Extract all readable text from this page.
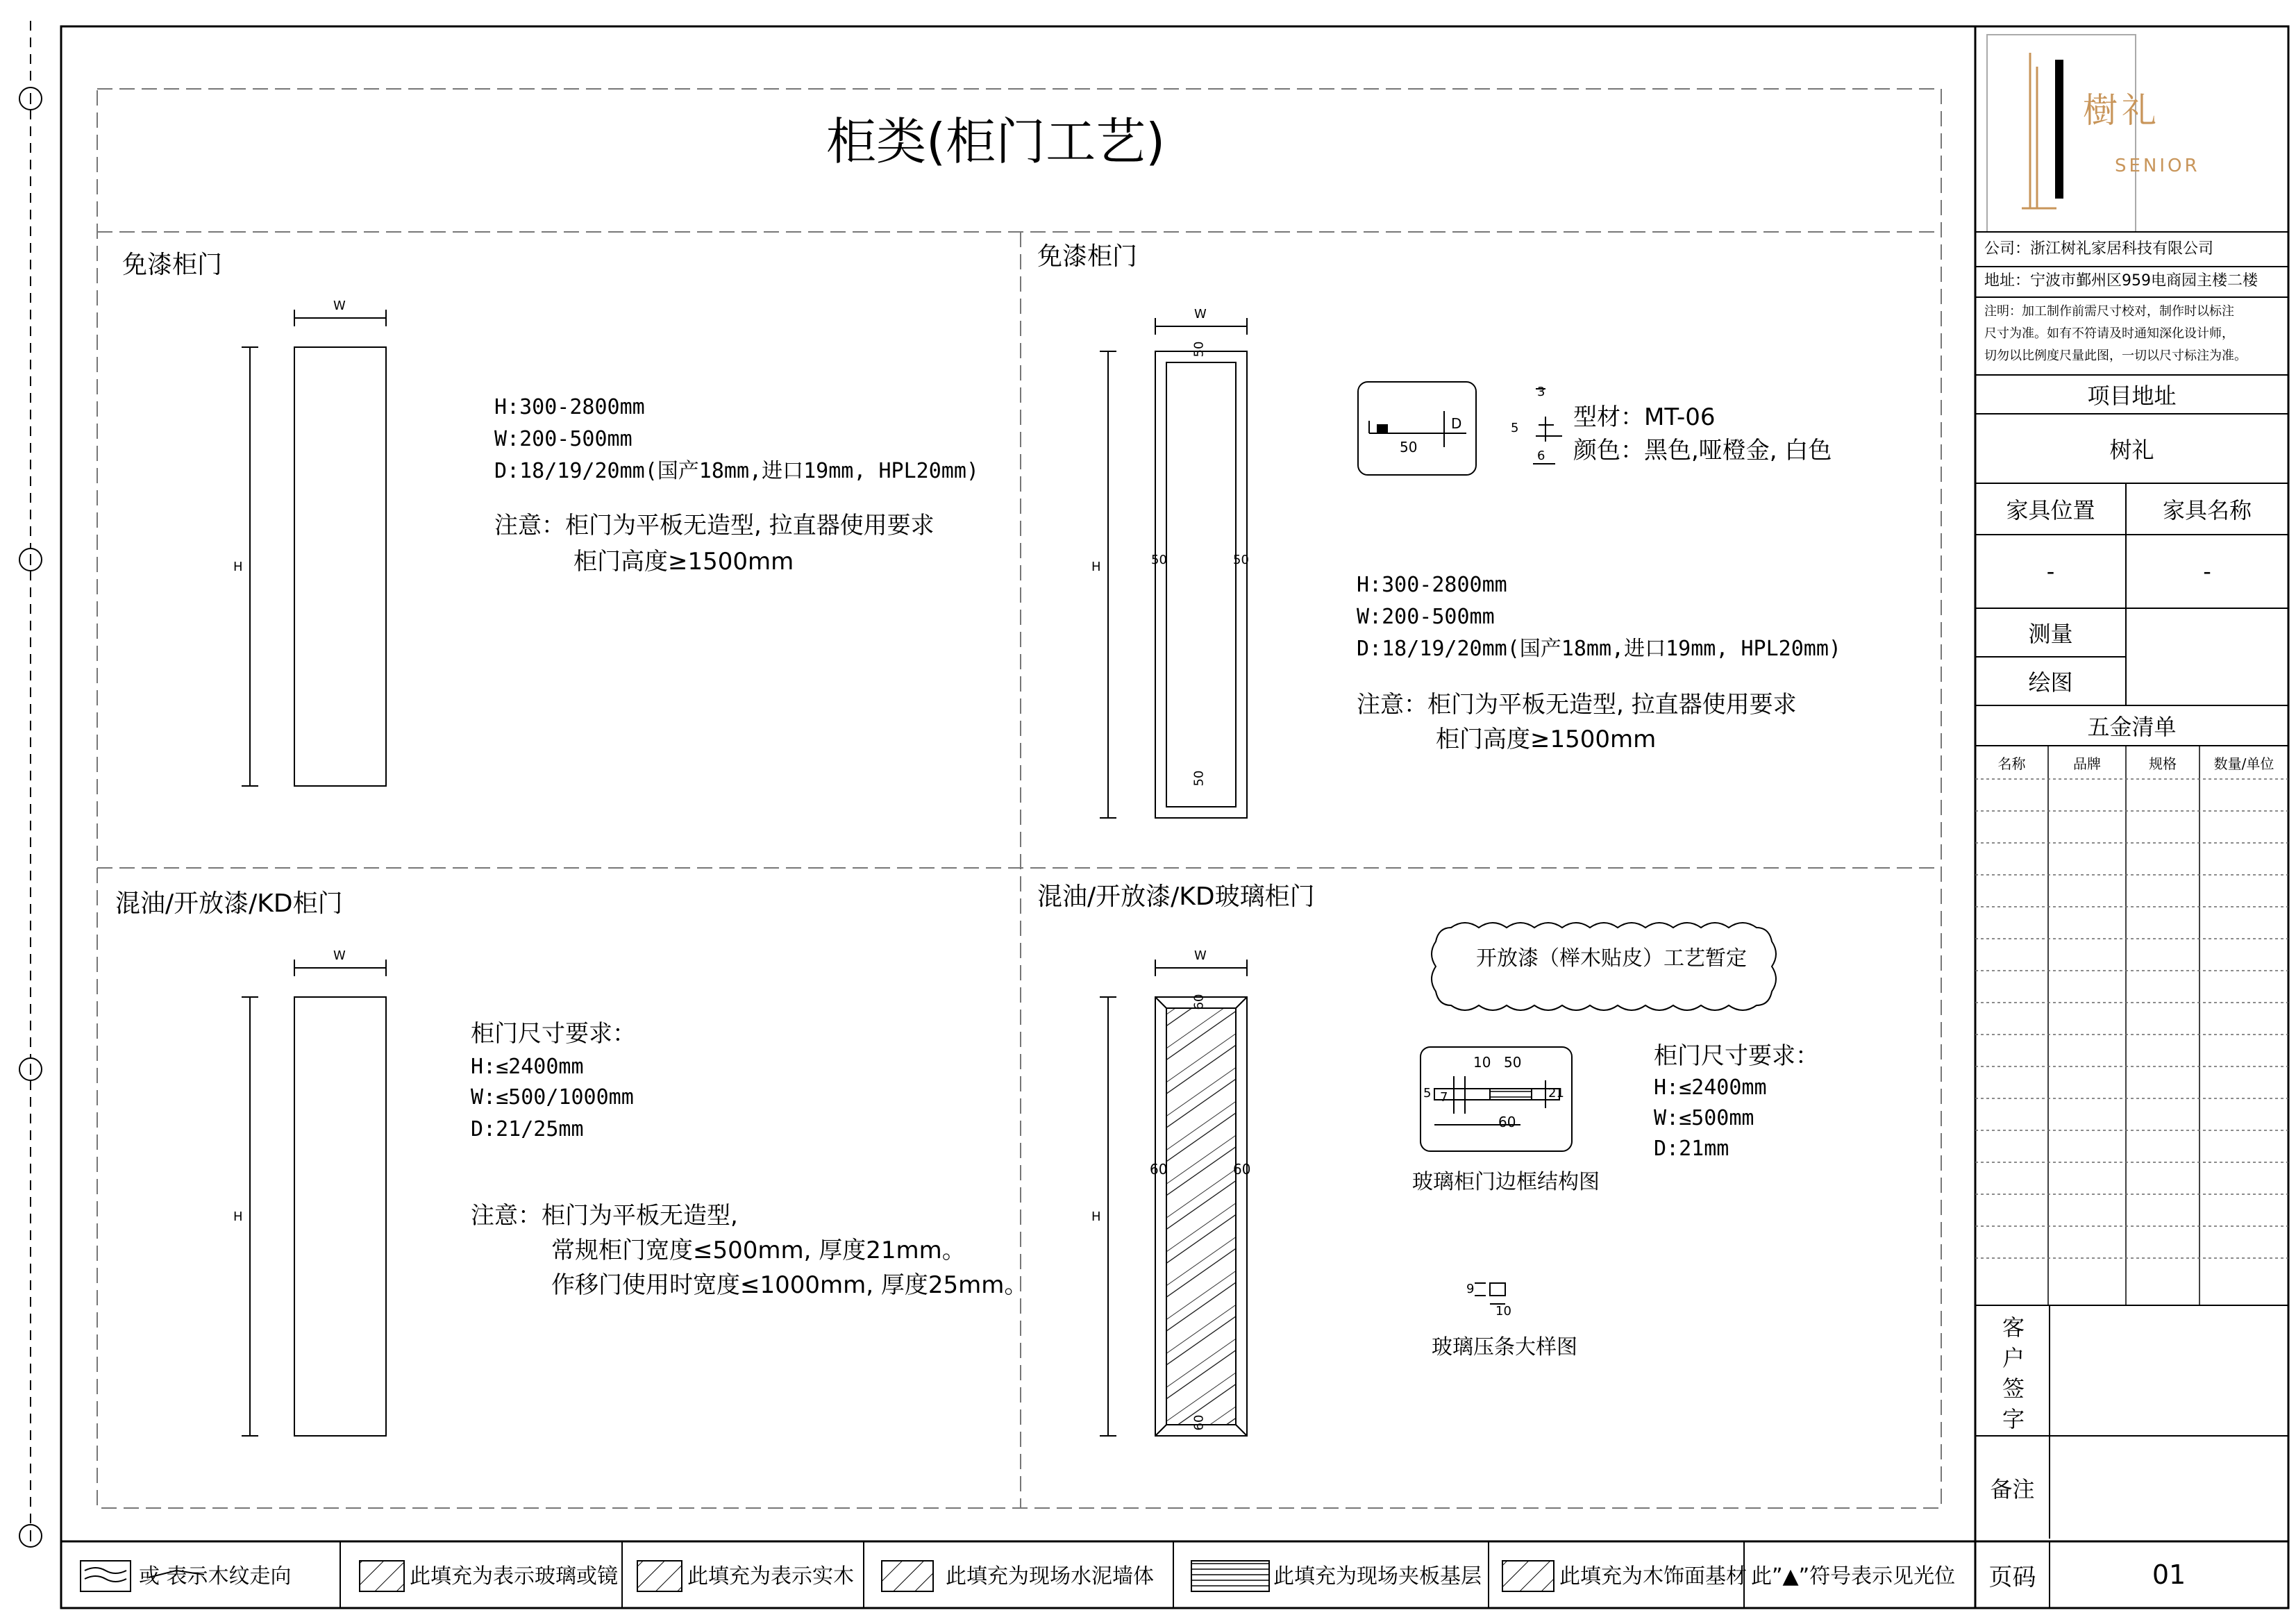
柜类(柜门工艺)
免漆柜门
W
H
H:300-2800mm
W:200-500mm
D:18/19/20mm(国产18mm,进口19mm, HPL20mm)
注意：柜门为平板无造型, 拉直器使用要求
柜门高度≥1500mm
免漆柜门
W
H
50
50	50
50
50
D
3
5
6
型材：MT-06
颜色：黑色,哑橙金, 白色
H:300-2800mm
W:200-500mm
D:18/19/20mm(国产18mm,进口19mm, HPL20mm)
注意：柜门为平板无造型, 拉直器使用要求
柜门高度≥1500mm
混油/开放漆/KD柜门
W
H
柜门尺寸要求：
H:≤2400mm
W:≤500/1000mm
D:21/25mm
注意：柜门为平板无造型,
常规柜门宽度≤500mm, 厚度21mm。
作移门使用时宽度≤1000mm, 厚度25mm。
混油/开放漆/KD玻璃柜门
W
H
60
60	60
60
开放漆（榉木贴皮）工艺暂定
10 50
5 7	21
60
玻璃柜门边框结构图
9
10
玻璃压条大样图
柜门尺寸要求：
H:≤2400mm
W:≤500mm
D:21mm
樹礼
SENIOR
公司：浙江树礼家居科技有限公司
地址：宁波市鄞州区959电商园主楼二楼
注明：加工制作前需尺寸校对，制作时以标注
尺寸为准。如有不符请及时通知深化设计师，
切勿以比例度尺量此图，一切以尺寸标注为准。
项目地址
树礼
家具位置	家具名称
-	-
测量
绘图
五金清单
名称	品牌	规格	数量/单位
客户签字
备注
页码	01
或 表示木纹走向	此填充为表示玻璃或镜	此填充为表示实木	此填充为现场水泥墙体	此填充为现场夹板基层	此填充为木饰面基材 此”▲”符号表示见光位
